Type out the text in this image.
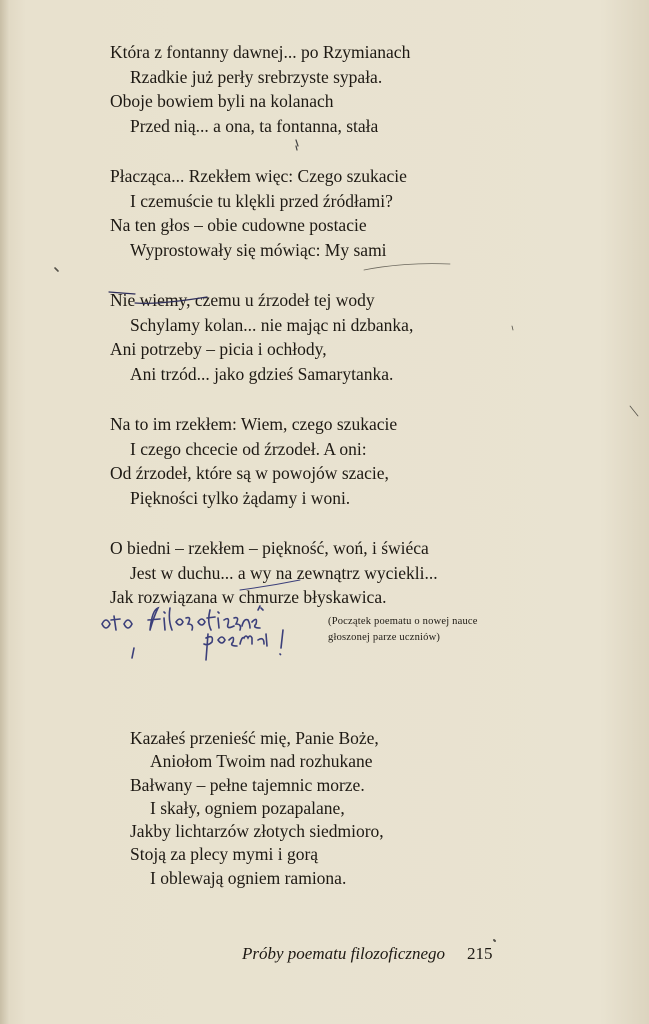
Która z fontanny dawnej... po Rzymianach
Rzadkie już perły srebrzyste sypała.
Oboje bowiem byli na kolanach
Przed nią... a ona, ta fontanna, stała
Płacząca... Rzekłem więc: Czego szukacie
I czemuście tu klękli przed źródłami?
Na ten głos – obie cudowne postacie
Wyprostowały się mówiąc: My sami
Nie wiemy, czemu u źrzodeł tej wody
Schylamy kolan... nie mając ni dzbanka,
Ani potrzeby – picia i ochłody,
Ani trzód... jako gdzieś Samarytanka.
Na to im rzekłem: Wiem, czego szukacie
I czego chcecie od źrzodeł. A oni:
Od źrzodeł, które są w powojów szacie,
Piękności tylko żądamy i woni.
O biedni – rzekłem – piękność, woń, i świéca
Jest w duchu... a wy na zewnątrz wyciekli...
Jak rozwiązana w chmurze błyskawica.
(Początek poematu o nowej nauce
głoszonej parze uczniów)
Kazałeś przenieść mię, Panie Boże,
Aniołom Twoim nad rozhukane
Bałwany – pełne tajemnic morze.
I skały, ogniem pozapalane,
Jakby lichtarzów złotych siedmioro,
Stoją za plecy mymi i gorą
I oblewają ogniem ramiona.
Próby poematu filozoficznego 215
